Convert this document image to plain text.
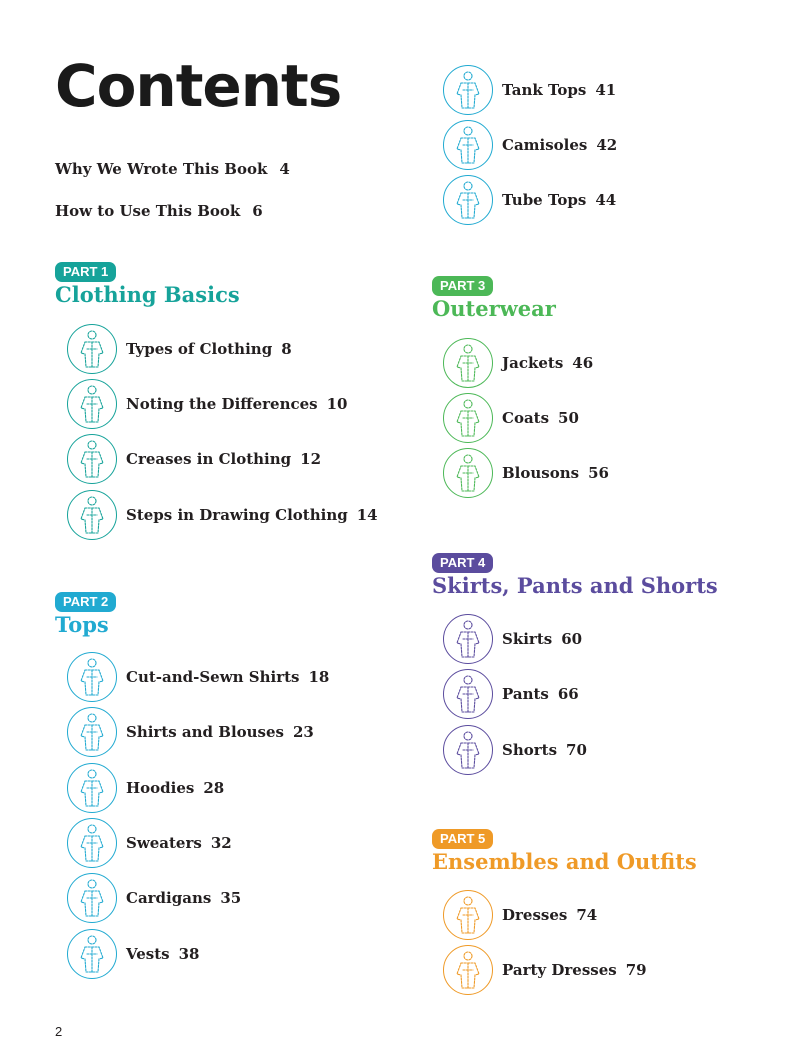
Contents
Why We Wrote This Book 4
How to Use This Book 6
PART 1
Clothing Basics
Types of Clothing 8
Noting the Differences 10
Creases in Clothing 12
Steps in Drawing Clothing 14
PART 2
Tops
Cut-and-Sewn Shirts 18
Shirts and Blouses 23
Hoodies 28
Sweaters 32
Cardigans 35
Vests 38
Tank Tops 41
Camisoles 42
Tube Tops 44
PART 3
Outerwear
Jackets 46
Coats 50
Blousons 56
PART 4
Skirts, Pants and Shorts
Skirts 60
Pants 66
Shorts 70
PART 5
Ensembles and Outfits
Dresses 74
Party Dresses 79
2
